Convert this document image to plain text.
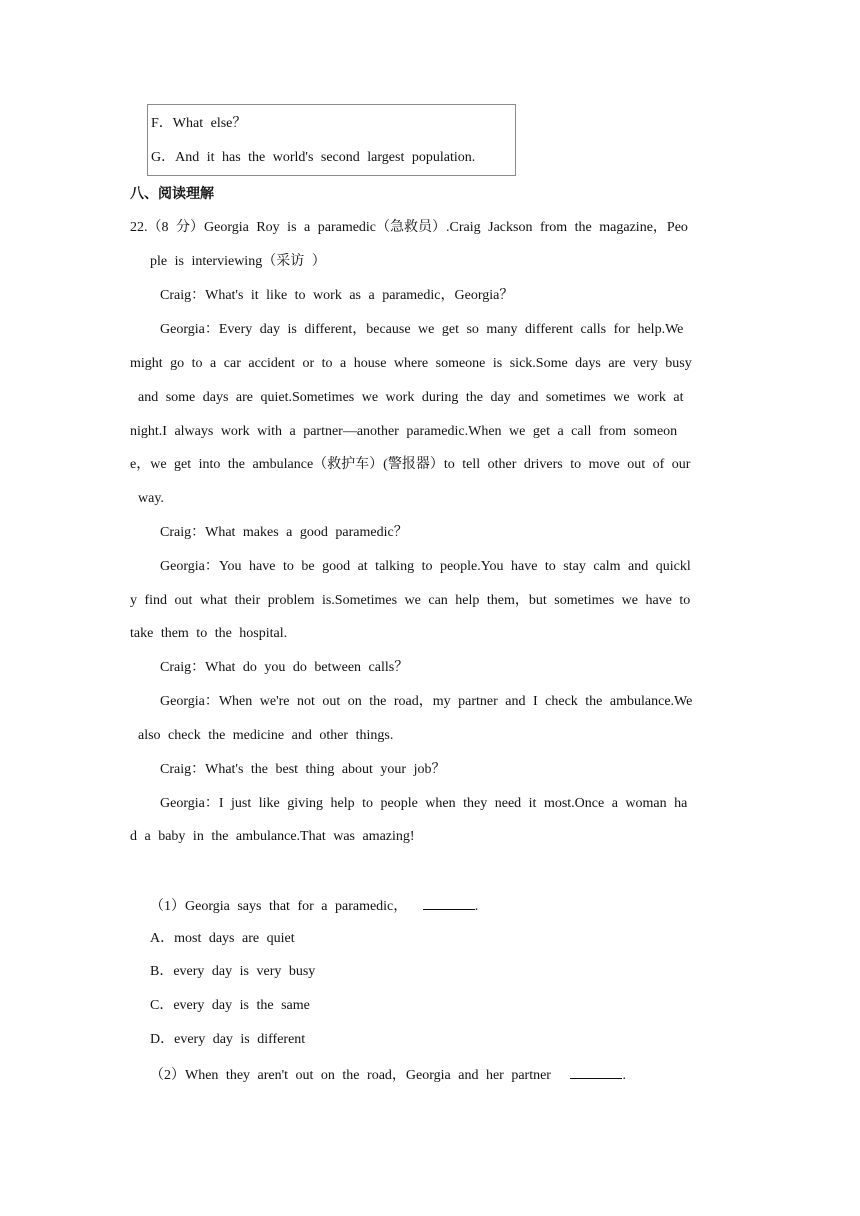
F．What else？
G．And it has the world's second largest population.
八、阅读理解
22.（8 分）Georgia Roy is a paramedic（急救员）.Craig Jackson from the magazine，Peo
ple is interviewing（采访 ）
Craig：What's it like to work as a paramedic，Georgia？
Georgia：Every day is different，because we get so many different calls for help.We
might go to a car accident or to a house where someone is sick.Some days are very busy
and some days are quiet.Sometimes we work during the day and sometimes we work at
night.I always work with a partner—another paramedic.When we get a call from someon
e，we get into the ambulance（救护车）(警报器）to tell other drivers to move out of our
way.
Craig：What makes a good paramedic？
Georgia：You have to be good at talking to people.You have to stay calm and quickl
y find out what their problem is.Sometimes we can help them，but sometimes we have to
take them to the hospital.
Craig：What do you do between calls？
Georgia：When we're not out on the road，my partner and I check the ambulance.We
also check the medicine and other things.
Craig：What's the best thing about your job？
Georgia：I just like giving help to people when they need it most.Once a woman ha
d a baby in the ambulance.That was amazing!
（1）Georgia says that for a paramedic，	.
A．most days are quiet
B．every day is very busy
C．every day is the same
D．every day is different
（2）When they aren't out on the road，Georgia and her partner	.
